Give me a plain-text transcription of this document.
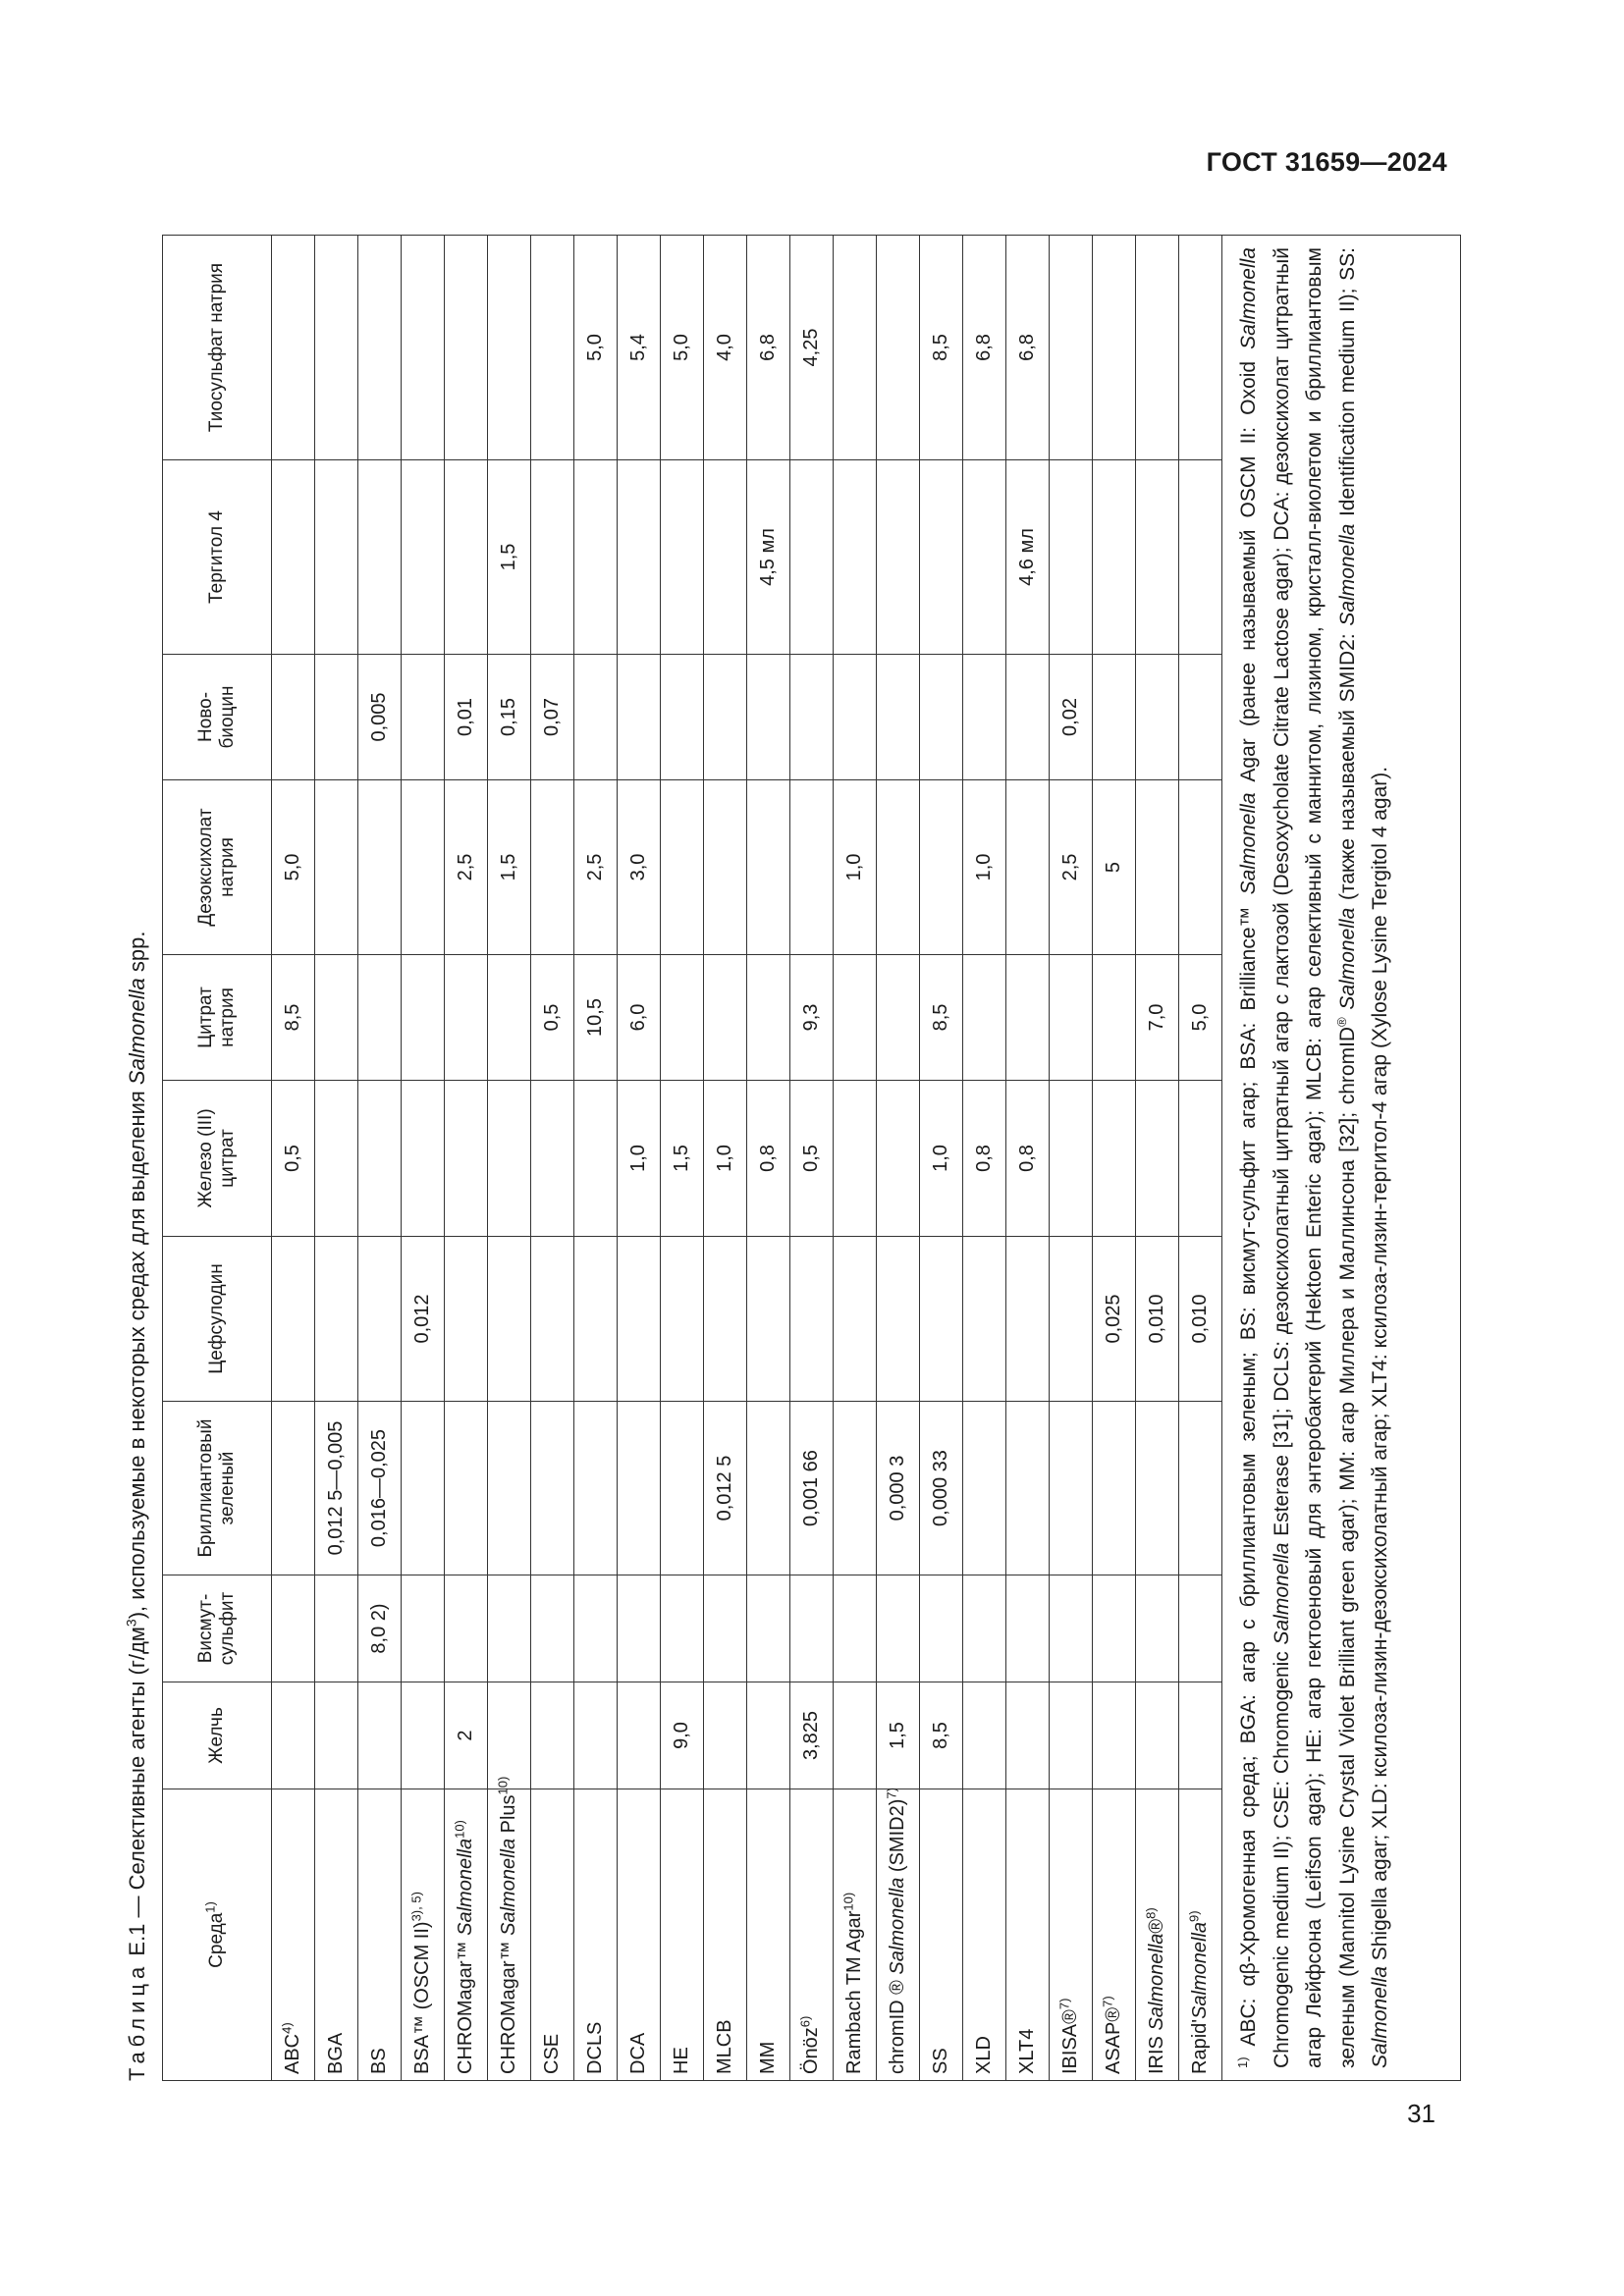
ГОСТ 31659—2024
Таблица Е.1 — Селективные агенты $(г/дм^3)$, используемые в некоторых средах для выделения Salmonella spp.
Среда$^{1)}$	Желчь	Висмут-сульфит	Бриллиантовый зеленый	Цефсулодин	Железо (III) цитрат	Цитрат натрия	Дезоксихолат натрия	Ново-биоцин	Тергитол 4	Тиосульфат натрия
ABC$^{4)}$					0,5	8,5	5,0			
BGA			0,012 5—0,005							
BS		8,0 2)	0,016—0,025					0,005		
BSA™ (OSCM II)$^{3), 5)}$				0,012						
CHROMagar™ Salmonella$^{10)}$	2						2,5	0,01		
CHROMagar™ Salmonella Plus$^{10)}$							1,5	0,15	1,5	
CSE						0,5		0,07		
DCLS						10,5	2,5			5,0
DCA					1,0	6,0	3,0			5,4
HE	9,0				1,5					5,0
MLCB			0,012 5		1,0					4,0
MM					0,8				4,5 мл	6,8
Önöz$^{6)}$	3,825		0,001 66		0,5	9,3				4,25
Rambach TM Agar$^{10)}$							1,0			
chromID ® Salmonella (SMID2)$^{7)}$	1,5		0,000 3							
SS	8,5		0,000 33		1,0	8,5				8,5
XLD					0,8		1,0			6,8
XLT4					0,8				4,6 мл	6,8
IBISA®$^{7)}$							2,5	0,02		
ASAP®$^{7)}$				0,025			5			
IRIS Salmonella®$^{8)}$				0,010		7,0				
Rapid'Salmonella$^{9)}$				0,010		5,0				
$^{1)}$ ABC: αβ-Хромогенная среда; BGA: агар с бриллиантовым зеленым; BS: висмут-сульфит агар; BSA: Brilliance™ Salmonella Agar (ранее называемый OSCM II: Oxoid Salmonella Chromogenic medium II); CSE: Chromogenic Salmonella Esterase [31]; DCLS: дезоксихолатный цитратный агар с лактозой (Desoxycholate Citrate Lactose agar); DCA: дезоксихолат цитратный агар Лейфсона (Leifson agar); HE: агар гектоеновый для энтеробактерий (Hektoen Enteric agar); MLCB: агар селективный с маннитом, лизином, кристалл-виолетом и бриллиантовым зеленым (Mannitol Lysine Crystal Violet Brilliant green agar); MM: агар Миллера и Маллинсона [32]; chromID® Salmonella (также называемый SMID2: Salmonella Identification medium II); SS: Salmonella Shigella agar; XLD: ксилоза-лизин-дезоксихолатный агар; XLT4: ксилоза-лизин-тергитол-4 агар (Xylose Lysine Tergitol 4 agar).										
31
